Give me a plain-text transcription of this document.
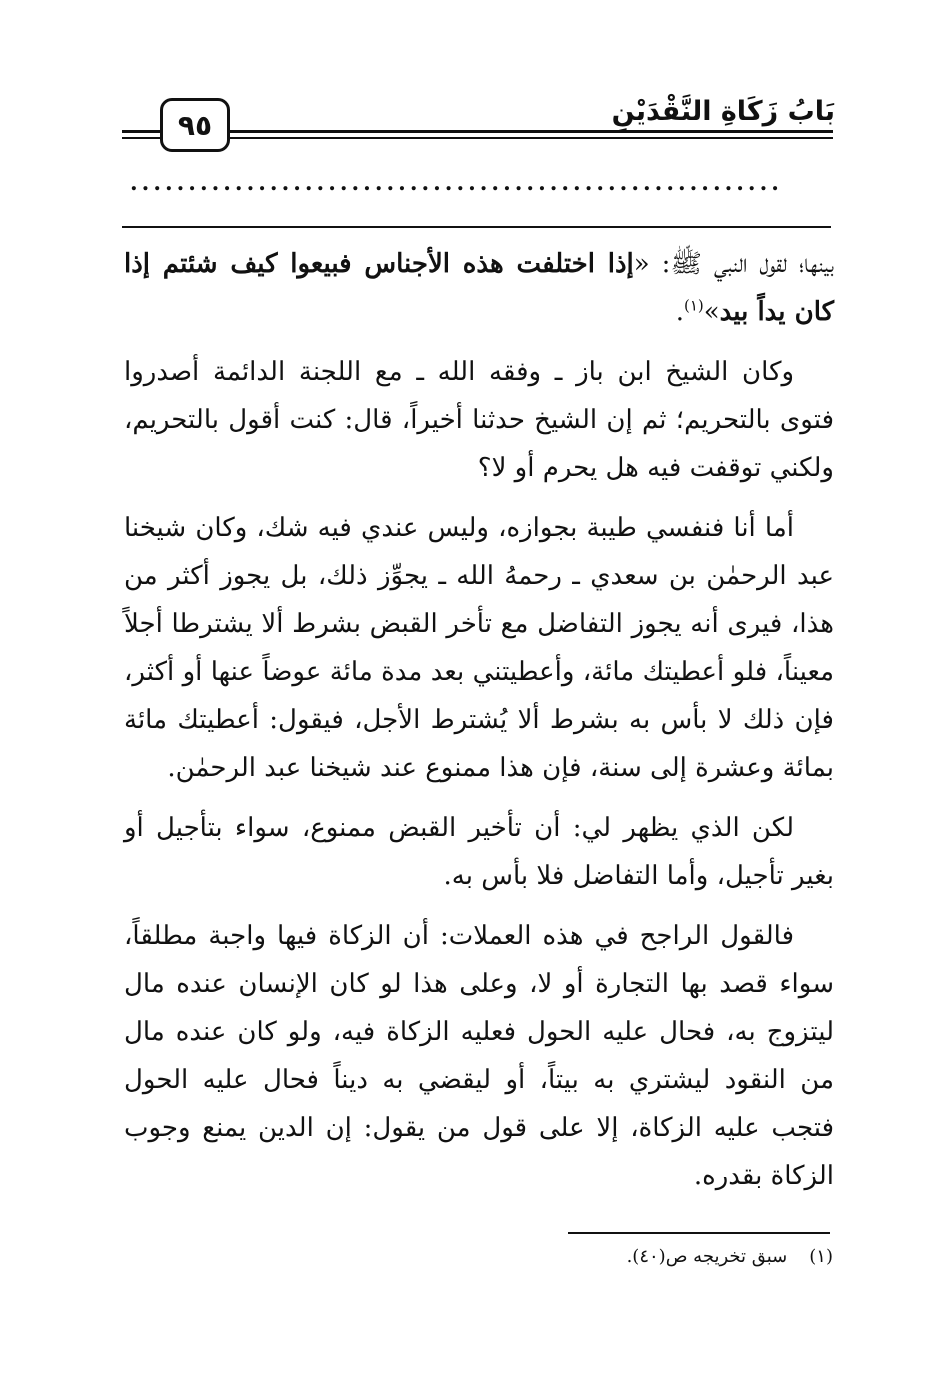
بَابُ زَكَاةِ النَّقْدَيْنِ
٩٥
........................................................

بينها؛ لقول النبي ﷺ: «إذا اختلفت هذه الأجناس فبيعوا كيف شئتم إذا كان يداً بيد»$^{(١)}$.

وكان الشيخ ابن باز ـ وفقه الله ـ مع اللجنة الدائمة أصدروا فتوى بالتحريم؛ ثم إن الشيخ حدثنا أخيراً، قال: كنت أقول بالتحريم، ولكني توقفت فيه هل يحرم أو لا؟

أما أنا فنفسي طيبة بجوازه، وليس عندي فيه شك، وكان شيخنا عبد الرحمٰن بن سعدي ـ رحمهُ الله ـ يجوِّز ذلك، بل يجوز أكثر من هذا، فيرى أنه يجوز التفاضل مع تأخر القبض بشرط ألا يشترطا أجلاً معيناً، فلو أعطيتك مائة، وأعطيتني بعد مدة مائة عوضاً عنها أو أكثر، فإن ذلك لا بأس به بشرط ألا يُشترط الأجل، فيقول: أعطيتك مائة بمائة وعشرة إلى سنة، فإن هذا ممنوع عند شيخنا عبد الرحمٰن.

لكن الذي يظهر لي: أن تأخير القبض ممنوع، سواء بتأجيل أو بغير تأجيل، وأما التفاضل فلا بأس به.

فالقول الراجح في هذه العملات: أن الزكاة فيها واجبة مطلقاً، سواء قصد بها التجارة أو لا، وعلى هذا لو كان الإنسان عنده مال ليتزوج به، فحال عليه الحول فعليه الزكاة فيه، ولو كان عنده مال من النقود ليشتري به بيتاً، أو ليقضي به ديناً فحال عليه الحول فتجب عليه الزكاة، إلا على قول من يقول: إن الدين يمنع وجوب الزكاة بقدره.

(١)سبق تخريجه ص(٤٠).
